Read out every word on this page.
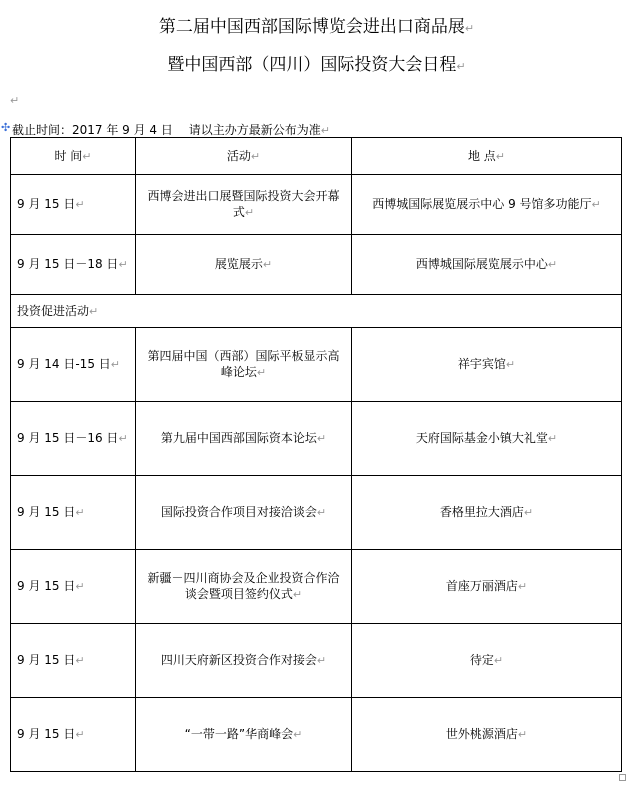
第二届中国西部国际博览会进出口商品展↵
暨中国西部（四川）国际投资大会日程↵
↵
✣ 截止时间：2017 年 9 月 4 日　 请以主办方最新公布为准↵
时 间↵	活动↵	地 点↵
9 月 15 日↵	西博会进出口展暨国际投资大会开幕式↵	西博城国际展览展示中心 9 号馆多功能厅↵
9 月 15 日－18 日↵	展览展示↵	西博城国际展览展示中心↵
投资促进活动↵		
9 月 14 日-15 日↵	第四届中国（西部）国际平板显示高峰论坛↵	祥宇宾馆↵
9 月 15 日－16 日↵	第九届中国西部国际资本论坛↵	天府国际基金小镇大礼堂↵
9 月 15 日↵	国际投资合作项目对接洽谈会↵	香格里拉大酒店↵
9 月 15 日↵	新疆－四川商协会及企业投资合作洽谈会暨项目签约仪式↵	首座万丽酒店↵
9 月 15 日↵	四川天府新区投资合作对接会↵	待定↵
9 月 15 日↵	“一带一路”华商峰会↵	世外桃源酒店↵
